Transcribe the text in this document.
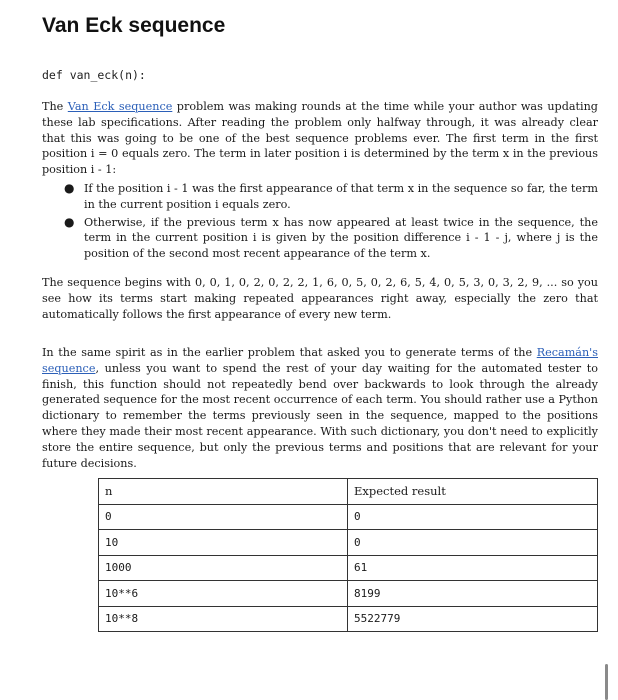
Van Eck sequence

def van_eck(n):

The Van Eck sequence problem was making rounds at the time while your author was updating these lab specifications. After reading the problem only halfway through, it was already clear that this was going to be one of the best sequence problems ever. The first term in the first position i = 0 equals zero. The term in later position i is determined by the term x in the previous position i - 1:

● If the position i - 1 was the first appearance of that term x in the sequence so far, the term in the current position i equals zero.
● Otherwise, if the previous term x has now appeared at least twice in the sequence, the term in the current position i is given by the position difference i - 1 - j, where j is the position of the second most recent appearance of the term x.

The sequence begins with 0, 0, 1, 0, 2, 0, 2, 2, 1, 6, 0, 5, 0, 2, 6, 5, 4, 0, 5, 3, 0, 3, 2, 9, ... so you see how its terms start making repeated appearances right away, especially the zero that automatically follows the first appearance of every new term.

In the same spirit as in the earlier problem that asked you to generate terms of the Recamán's sequence, unless you want to spend the rest of your day waiting for the automated tester to finish, this function should not repeatedly bend over backwards to look through the already generated sequence for the most recent occurrence of each term. You should rather use a Python dictionary to remember the terms previously seen in the sequence, mapped to the positions where they made their most recent appearance. With such dictionary, you don't need to explicitly store the entire sequence, but only the previous terms and positions that are relevant for your future decisions.

n	Expected result
0	0
10	0
1000	61
10**6	8199
10**8	5522779
